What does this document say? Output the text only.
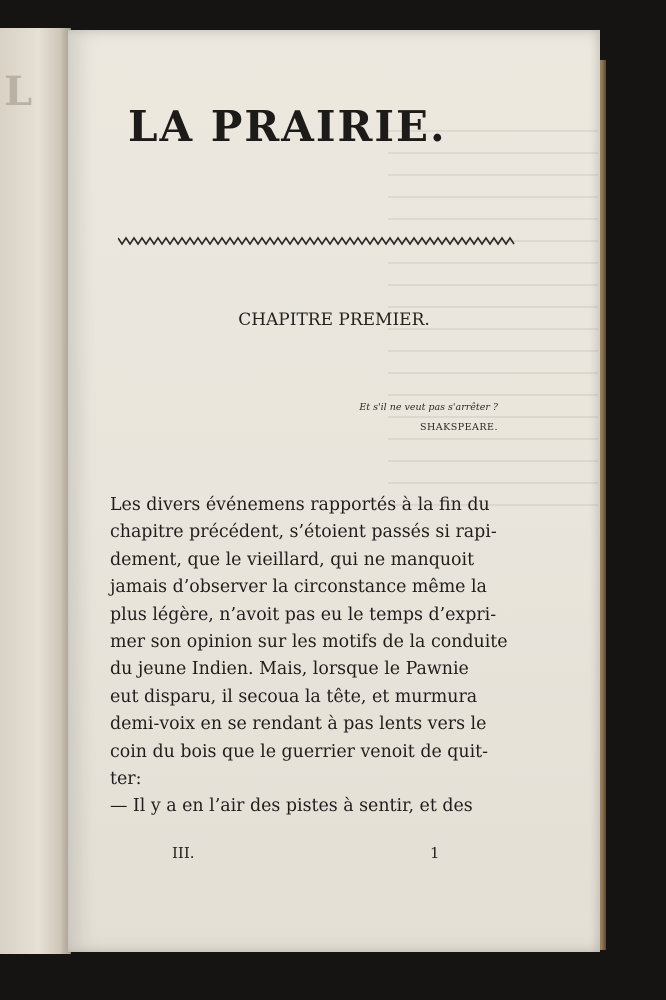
L
LA PRAIRIE.
CHAPITRE PREMIER.
Et s'il ne veut pas s'arrêter ?
SHAKSPEARE.
Les divers événemens rapportés à la fin du
chapitre précédent, s’étoient passés si rapi-
dement, que le vieillard, qui ne manquoit
jamais d’observer la circonstance même la
plus légère, n’avoit pas eu le temps d’expri-
mer son opinion sur les motifs de la conduite
du jeune Indien. Mais, lorsque le Pawnie
eut disparu, il secoua la tête, et murmura
demi-voix en se rendant à pas lents vers le
coin du bois que le guerrier venoit de quit-
ter:
— Il y a en l’air des pistes à sentir, et des
III.	1
